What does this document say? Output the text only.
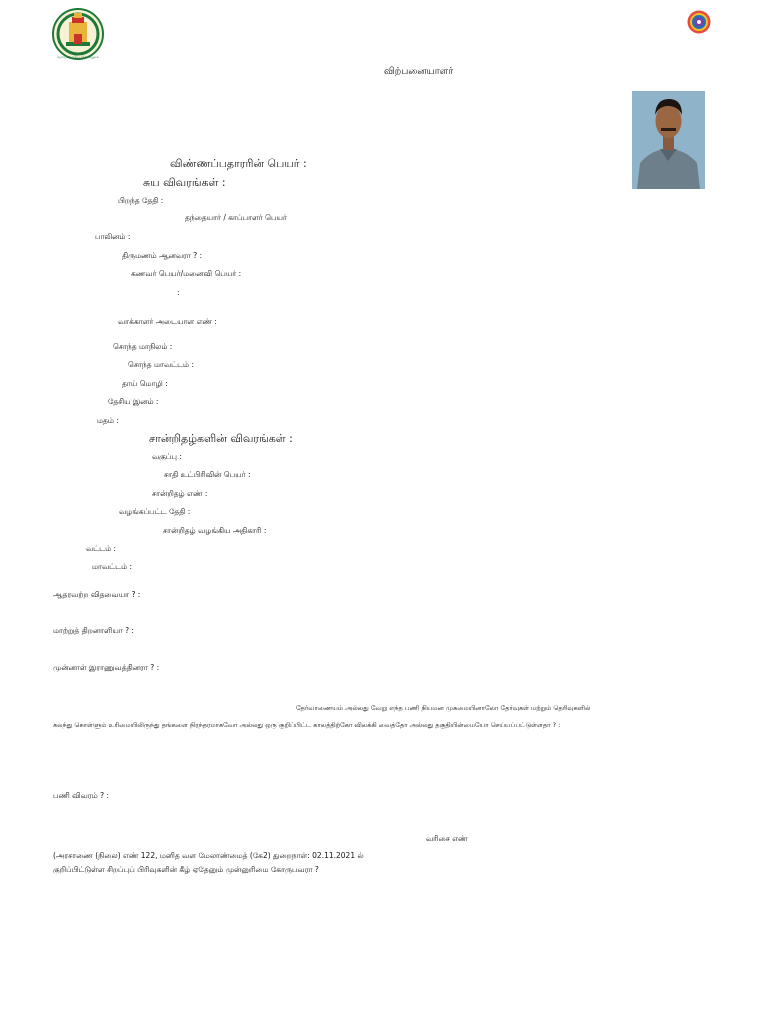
வாய்மையே வெல்லும்
விற்பனையாளர்
விண்ணப்பதாரரின் பெயர் :
சுய விவரங்கள் :
பிறந்த தேதி :
தந்தையார் / காப்பாளர் பெயர்
பாலினம் :
திருமணம் ஆனவரா ? :
கணவர் பெயர்/மனைவி பெயர் :
:
வாக்காளர் அடையாள எண் :
சொந்த மாநிலம் :
சொந்த மாவட்டம் :
தாய் மொழி :
தேசிய இனம் :
மதம் :
சான்றிதழ்களின் விவரங்கள் :
வகுப்பு :
சாதி உட்பிரிவின் பெயர் :
சான்றிதழ் எண் :
வழங்கப்பட்ட தேதி :
சான்றிதழ் வழங்கிய அதிகாரி :
வட்டம் :
மாவட்டம் :
ஆதரவற்ற விதவையா ? :
மாற்றுத் திறனாளியா ? :
முன்னாள் இராணுவத்தினரா ? :
தேர்வாணையம் அல்லது வேறு எந்த பணி நியமன முகமையினாலோ தேர்வுகள் மற்றும் தெரிவுகளில்
கலந்து கொள்ளும் உரிமையிலிருந்து தங்களை நிரந்தரமாகவோ அல்லது ஒரு குறிப்பிட்ட காலத்திற்கோ விலக்கி வைத்தோ அல்லது தகுதியின்மையோ செய்யப்பட்டுள்ளதா ? :
பணி விவரம் ? :
வரிசை எண்
(அரசாணை (நிலை) எண் 122, மனித வள மேலாண்மைத் (கே2) துறைநாள்: 02.11.2021 ல்
குறிப்பிட்டுள்ள சிறப்புப் பிரிவுகளின் கீழ் ஏதேனும் முன்னுரிமை கோருபவரா ?
